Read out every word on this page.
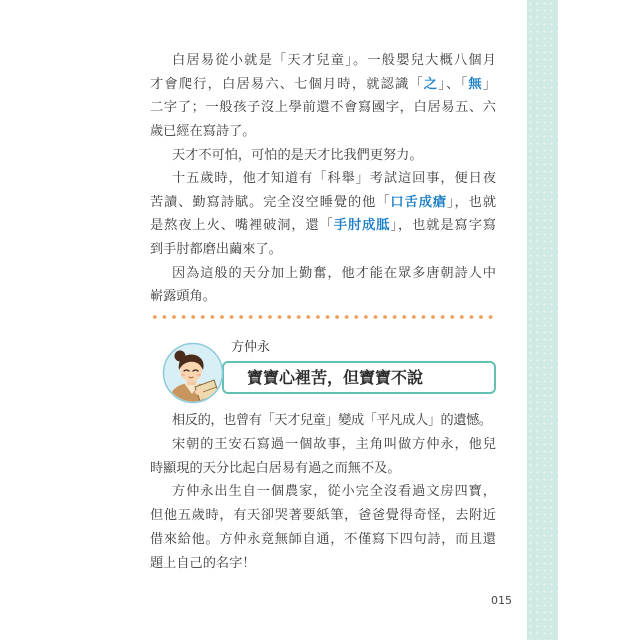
白居易從小就是「天才兒童」。一般嬰兒大概八個月
才會爬行，白居易六、七個月時，就認識「之」、「無」
二字了；一般孩子沒上學前還不會寫國字，白居易五、六
歲已經在寫詩了。
天才不可怕，可怕的是天才比我們更努力。
十五歲時，他才知道有「科舉」考試這回事，便日夜
苦讀、勤寫詩賦。完全沒空睡覺的他「口舌成瘡」，也就
是熬夜上火、嘴裡破洞，還「手肘成胝」，也就是寫字寫
到手肘都磨出繭來了。
因為這般的天分加上勤奮，他才能在眾多唐朝詩人中
嶄露頭角。
方仲永
寶寶心裡苦，但寶寶不說
相反的，也曾有「天才兒童」變成「平凡成人」的遺憾。
宋朝的王安石寫過一個故事，主角叫做方仲永，他兒
時顯現的天分比起白居易有過之而無不及。
方仲永出生自一個農家，從小完全沒看過文房四寶，
但他五歲時，有天卻哭著要紙筆，爸爸覺得奇怪，去附近
借來給他。方仲永竟無師自通，不僅寫下四句詩，而且還
題上自己的名字！
015
